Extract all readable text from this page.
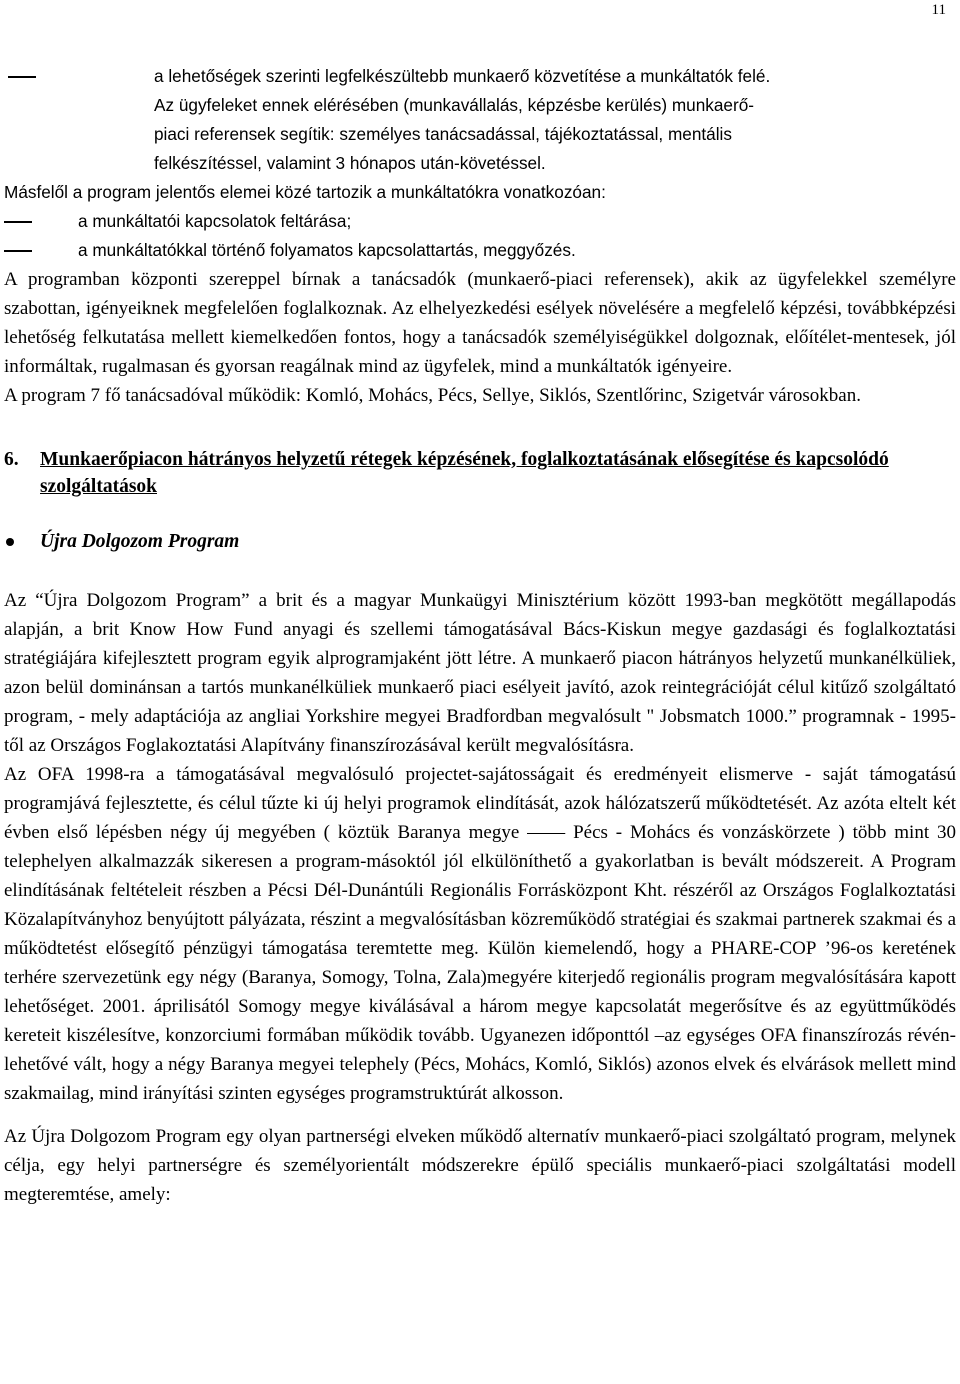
11
a lehetőségek szerinti legfelkészültebb munkaerő közvetítése a munkáltatók felé.
Az ügyfeleket ennek elérésében (munkavállalás, képzésbe kerülés) munkaerő-
piaci referensek segítik: személyes tanácsadással, tájékoztatással, mentális
felkészítéssel, valamint 3 hónapos után-követéssel.
Másfelől a program jelentős elemei közé tartozik a munkáltatókra vonatkozóan:
a munkáltatói kapcsolatok feltárása;
a munkáltatókkal történő folyamatos kapcsolattartás, meggyőzés.
A programban központi szereppel bírnak a tanácsadók (munkaerő-piaci referensek), akik az ügyfelekkel személyre szabottan, igényeiknek megfelelően foglalkoznak. Az elhelyezkedési esélyek növelésére a megfelelő képzési, továbbképzési lehetőség felkutatása mellett kiemelkedően fontos, hogy a tanácsadók személyiségükkel dolgoznak, előítélet-mentesek, jól informáltak, rugalmasan és gyorsan reagálnak mind az ügyfelek, mind a munkáltatók igényeire.
A program 7 fő tanácsadóval működik: Komló, Mohács, Pécs, Sellye, Siklós, Szentlőrinc, Szigetvár városokban.
6. Munkaerőpiacon hátrányos helyzetű rétegek képzésének, foglalkoztatásának elősegítése és kapcsolódó szolgáltatások
Újra Dolgozom Program
Az “Újra Dolgozom Program” a brit és a magyar Munkaügyi Minisztérium között 1993-ban megkötött megállapodás alapján, a brit Know How Fund anyagi és szellemi támogatásával Bács-Kiskun megye gazdasági és foglalkoztatási stratégiájára kifejlesztett program egyik alprogramjaként jött létre. A munkaerő piacon hátrányos helyzetű munkanélküliek, azon belül dominánsan a tartós munkanélküliek munkaerő piaci esélyeit javító, azok reintegrációját célul kitűző szolgáltató program, - mely adaptációja az angliai Yorkshire megyei Bradfordban megvalósult " Jobsmatch 1000.” programnak - 1995-től az Országos Foglakoztatási Alapítvány finanszírozásával került megvalósításra.
Az OFA 1998-ra a támogatásával megvalósuló projectet-sajátosságait és eredményeit elismerve - saját támogatású programjává fejlesztette, és célul tűzte ki új helyi programok elindítását, azok hálózatszerű működtetését. Az azóta eltelt két évben első lépésben négy új megyében ( köztük Baranya megye —— Pécs - Mohács és vonzáskörzete ) több mint 30 telephelyen alkalmazzák sikeresen a program-másoktól jól elkülöníthető a gyakorlatban is bevált módszereit. A Program elindításának feltételeit részben a Pécsi Dél-Dunántúli Regionális Forrásközpont Kht. részéről az Országos Foglalkoztatási Közalapítványhoz benyújtott pályázata, részint a megvalósításban közreműködő stratégiai és szakmai partnerek szakmai és a működtetést elősegítő pénzügyi támogatása teremtette meg. Külön kiemelendő, hogy a PHARE-COP ’96-os keretének terhére szervezetünk egy négy (Baranya, Somogy, Tolna, Zala)megyére kiterjedő regionális program megvalósítására kapott lehetőséget. 2001. áprilisától Somogy megye kiválásával a három megye kapcsolatát megerősítve és az együttműködés kereteit kiszélesítve, konzorciumi formában működik tovább. Ugyanezen időponttól –az egységes OFA finanszírozás révén- lehetővé vált, hogy a négy Baranya megyei telephely (Pécs, Mohács, Komló, Siklós) azonos elvek és elvárások mellett mind szakmailag, mind irányítási szinten egységes programstruktúrát alkosson.
Az Újra Dolgozom Program egy olyan partnerségi elveken működő alternatív munkaerő-piaci szolgáltató program, melynek célja, egy helyi partnerségre és személyorientált módszerekre épülő speciális munkaerő-piaci szolgáltatási modell megteremtése, amely:
